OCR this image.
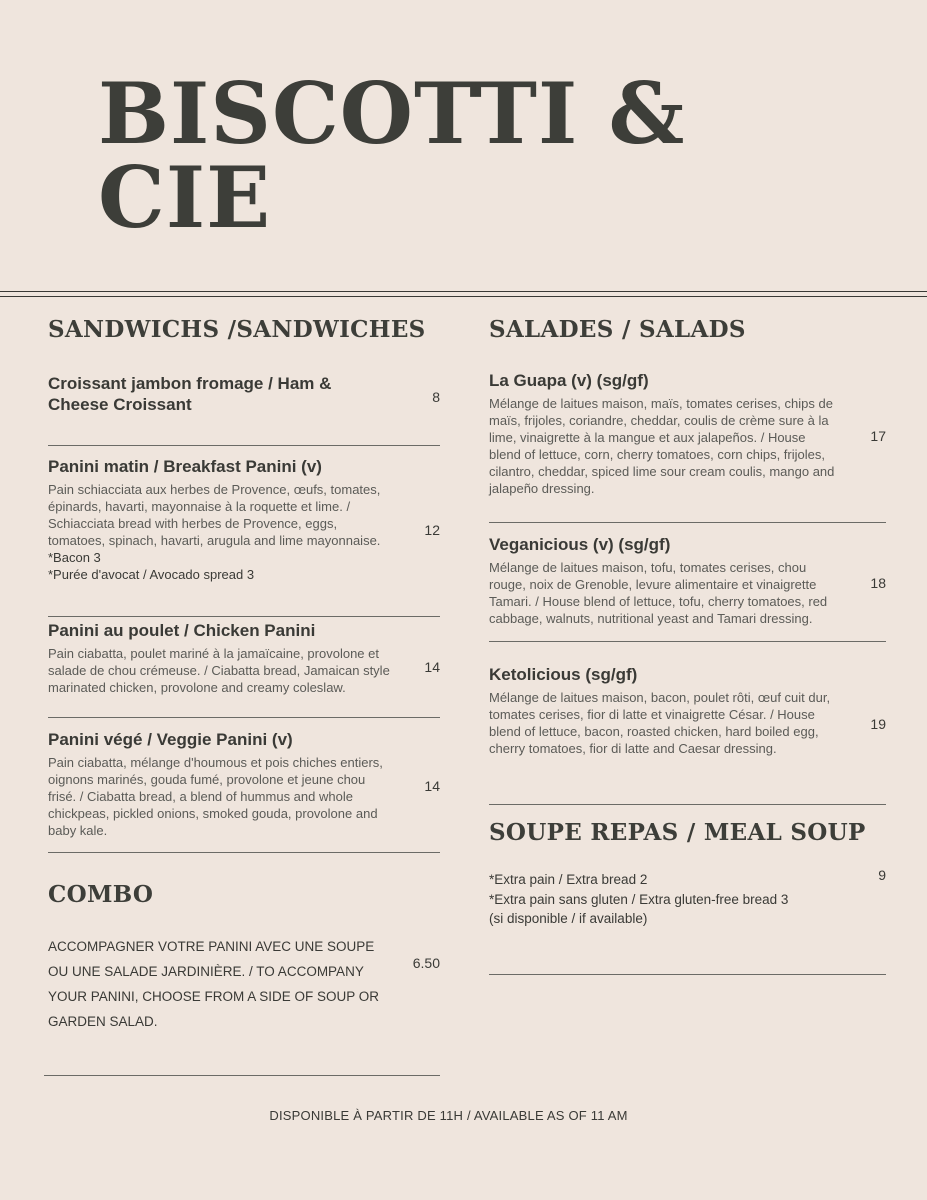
BISCOTTI &
CIE
SANDWICHS /SANDWICHES

Croissant jambon fromage / Ham & Cheese Croissant	8

Panini matin / Breakfast Panini (v)

Pain schiacciata aux herbes de Provence, œufs, tomates, épinards, havarti, mayonnaise à la roquette et lime. / Schiacciata bread with herbes de Provence, eggs, tomatoes, spinach, havarti, arugula and lime mayonnaise.

*Bacon 3

*Purée d'avocat / Avocado spread 3

12

Panini au poulet / Chicken Panini

Pain ciabatta, poulet mariné à la jamaïcaine, provolone et salade de chou crémeuse. / Ciabatta bread, Jamaican style marinated chicken, provolone and creamy coleslaw.

14

Panini végé / Veggie Panini (v)

Pain ciabatta, mélange d'houmous et pois chiches entiers, oignons marinés, gouda fumé, provolone et jeune chou frisé. / Ciabatta bread, a blend of hummus and whole chickpeas, pickled onions, smoked gouda, provolone and baby kale.

14
COMBO

ACCOMPAGNER VOTRE PANINI AVEC UNE SOUPE OU UNE SALADE JARDINIÈRE. / TO ACCOMPANY YOUR PANINI, CHOOSE FROM A SIDE OF SOUP OR GARDEN SALAD.

6.50
SALADES / SALADS

La Guapa (v) (sg/gf)

Mélange de laitues maison, maïs, tomates cerises, chips de maïs, frijoles, coriandre, cheddar, coulis de crème sure à la lime, vinaigrette à la mangue et aux jalapeños. / House blend of lettuce, corn, cherry tomatoes, corn chips, frijoles, cilantro, cheddar, spiced lime sour cream coulis, mango and jalapeño dressing.

17

Veganicious (v) (sg/gf)

Mélange de laitues maison, tofu, tomates cerises, chou rouge, noix de Grenoble, levure alimentaire et vinaigrette Tamari. / House blend of lettuce, tofu, cherry tomatoes, red cabbage, walnuts, nutritional yeast and Tamari dressing.

18

Ketolicious (sg/gf)

Mélange de laitues maison, bacon, poulet rôti, œuf cuit dur, tomates cerises, fior di latte et vinaigrette César. / House blend of lettuce, bacon, roasted chicken, hard boiled egg, cherry tomatoes, fior di latte and Caesar dressing.

19
SOUPE REPAS / MEAL SOUP

*Extra pain / Extra bread 2

*Extra pain sans gluten / Extra gluten-free bread 3

(si disponible / if available)

9
DISPONIBLE À PARTIR DE 11H / AVAILABLE AS OF 11 AM
